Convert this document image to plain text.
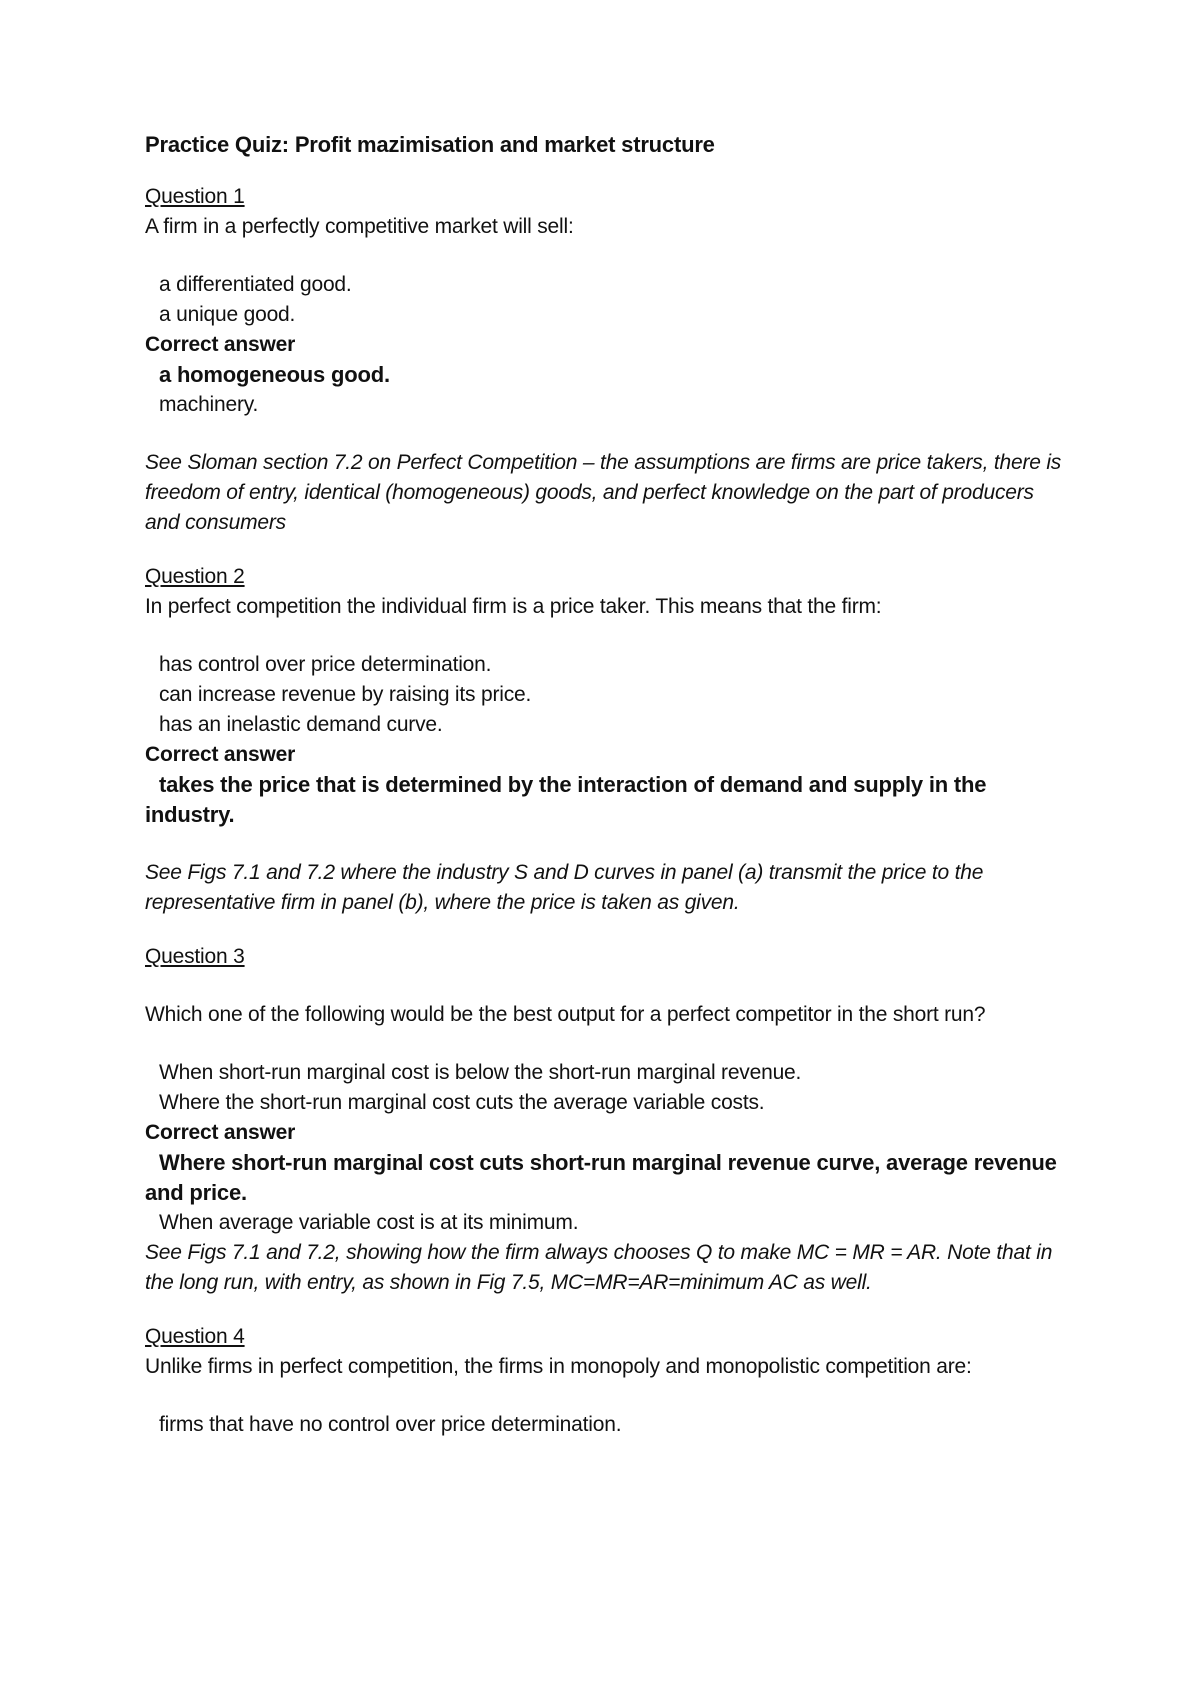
Practice Quiz: Profit mazimisation and market structure
Question 1
A firm in a perfectly competitive market will sell:
a differentiated good.
a unique good.
Correct answer
a homogeneous good.
machinery.
See Sloman section 7.2 on Perfect Competition – the assumptions are firms are price takers, there is freedom of entry, identical (homogeneous) goods, and perfect knowledge on the part of producers and consumers
Question 2
In perfect competition the individual firm is a price taker. This means that the firm:
has control over price determination.
can increase revenue by raising its price.
has an inelastic demand curve.
Correct answer
takes the price that is determined by the interaction of demand and supply in the industry.
See Figs 7.1 and 7.2 where the industry S and D curves in panel (a) transmit the price to the representative firm in panel (b), where the price is taken as given.
Question 3
Which one of the following would be the best output for a perfect competitor in the short run?
When short-run marginal cost is below the short-run marginal revenue.
Where the short-run marginal cost cuts the average variable costs.
Correct answer
Where short-run marginal cost cuts short-run marginal revenue curve, average revenue and price.
When average variable cost is at its minimum.
See Figs 7.1 and 7.2, showing how the firm always chooses Q to make MC = MR = AR. Note that in the long run, with entry, as shown in Fig 7.5, MC=MR=AR=minimum AC as well.
Question 4
Unlike firms in perfect competition, the firms in monopoly and monopolistic competition are:
firms that have no control over price determination.
